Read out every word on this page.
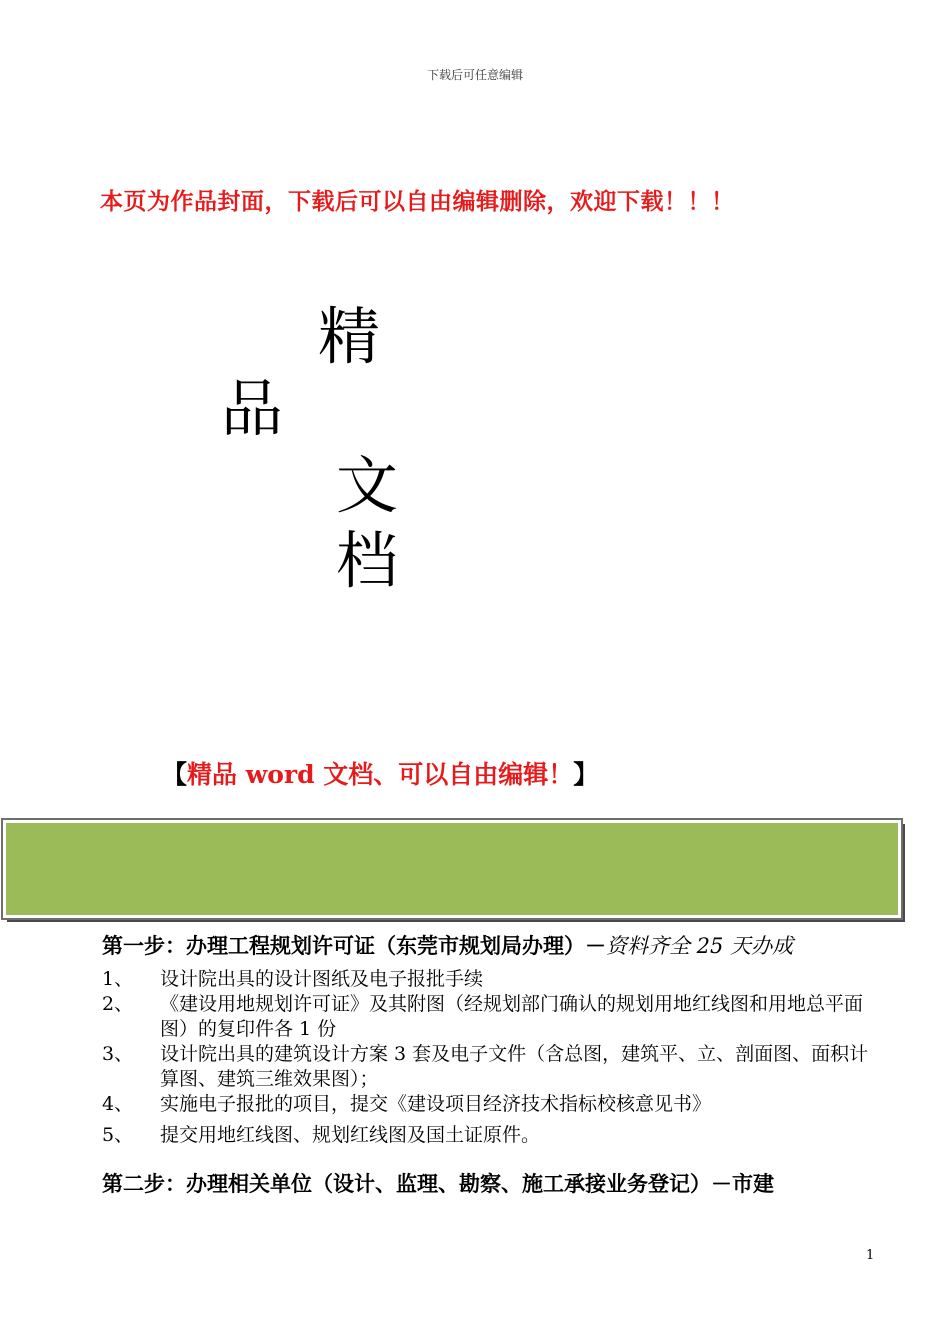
下载后可任意编辑
本页为作品封面，下载后可以自由编辑删除，欢迎下载！！！
精
品
文
档
【精品 word 文档、可以自由编辑！】
第一步：办理工程规划许可证（东莞市规划局办理）－资料齐全 25 天办成
1、	设计院出具的设计图纸及电子报批手续
2、	《建设用地规划许可证》及其附图（经规划部门确认的规划用地红线图和用地总平面图）的复印件各 1 份
3、	设计院出具的建筑设计方案 3 套及电子文件（含总图，建筑平、立、剖面图、面积计算图、建筑三维效果图）；
4、	实施电子报批的项目，提交《建设项目经济技术指标校核意见书》
5、	提交用地红线图、规划红线图及国土证原件。
第二步：办理相关单位（设计、监理、勘察、施工承接业务登记）－市建
1
